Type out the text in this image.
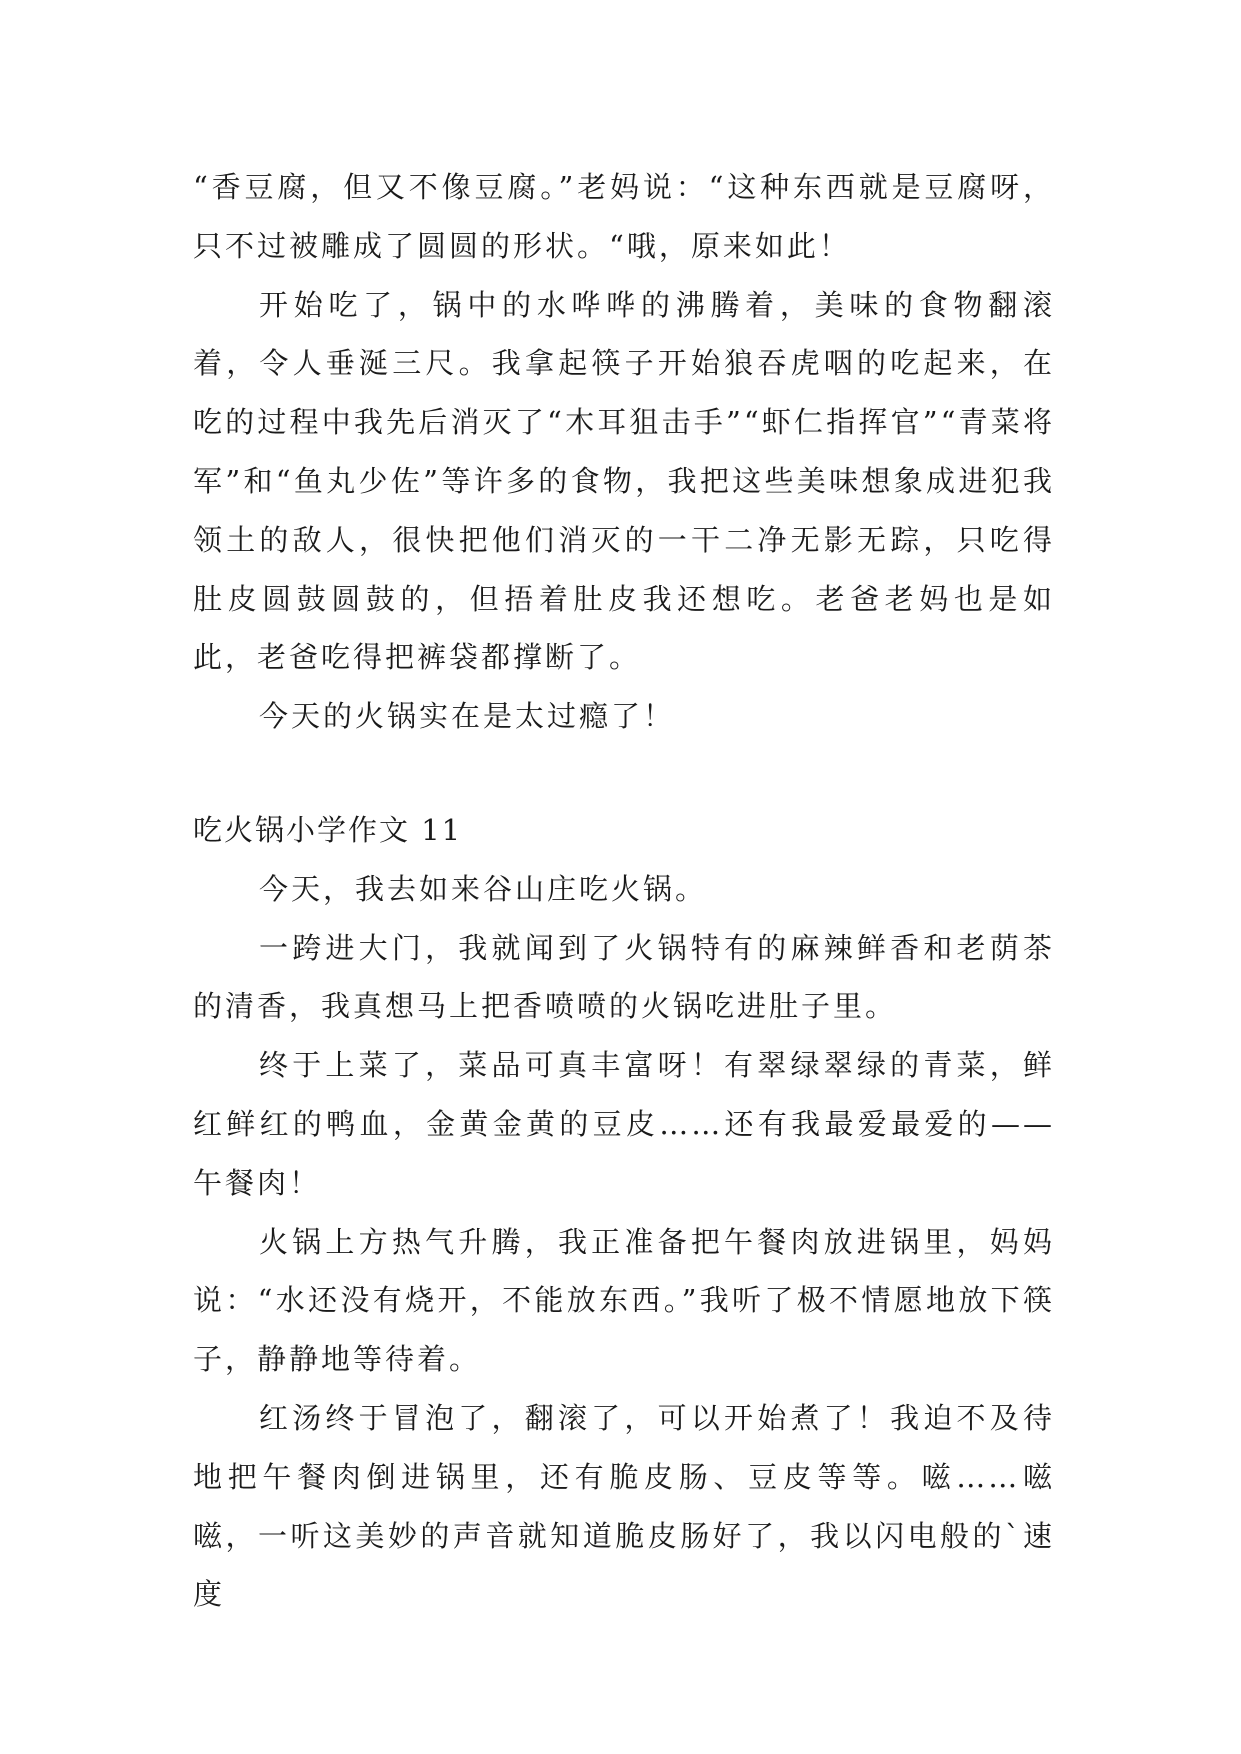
“香豆腐，但又不像豆腐。”老妈说：“这种东西就是豆腐呀，只不过被雕成了圆圆的形状。“哦，原来如此！

开始吃了，锅中的水哗哗的沸腾着，美味的食物翻滚着，令人垂涎三尺。我拿起筷子开始狼吞虎咽的吃起来，在吃的过程中我先后消灭了“木耳狙击手”“虾仁指挥官”“青菜将军”和“鱼丸少佐”等许多的食物，我把这些美味想象成进犯我领土的敌人，很快把他们消灭的一干二净无影无踪，只吃得肚皮圆鼓圆鼓的，但捂着肚皮我还想吃。老爸老妈也是如此，老爸吃得把裤袋都撑断了。

今天的火锅实在是太过瘾了！

吃火锅小学作文 11

今天，我去如来谷山庄吃火锅。

一跨进大门，我就闻到了火锅特有的麻辣鲜香和老荫茶的清香，我真想马上把香喷喷的火锅吃进肚子里。

终于上菜了，菜品可真丰富呀！有翠绿翠绿的青菜，鲜红鲜红的鸭血，金黄金黄的豆皮……还有我最爱最爱的——午餐肉！

火锅上方热气升腾，我正准备把午餐肉放进锅里，妈妈说：“水还没有烧开，不能放东西。”我听了极不情愿地放下筷子，静静地等待着。

红汤终于冒泡了，翻滚了，可以开始煮了！我迫不及待地把午餐肉倒进锅里，还有脆皮肠、豆皮等等。嗞……嗞嗞，一听这美妙的声音就知道脆皮肠好了，我以闪电般的`速度
